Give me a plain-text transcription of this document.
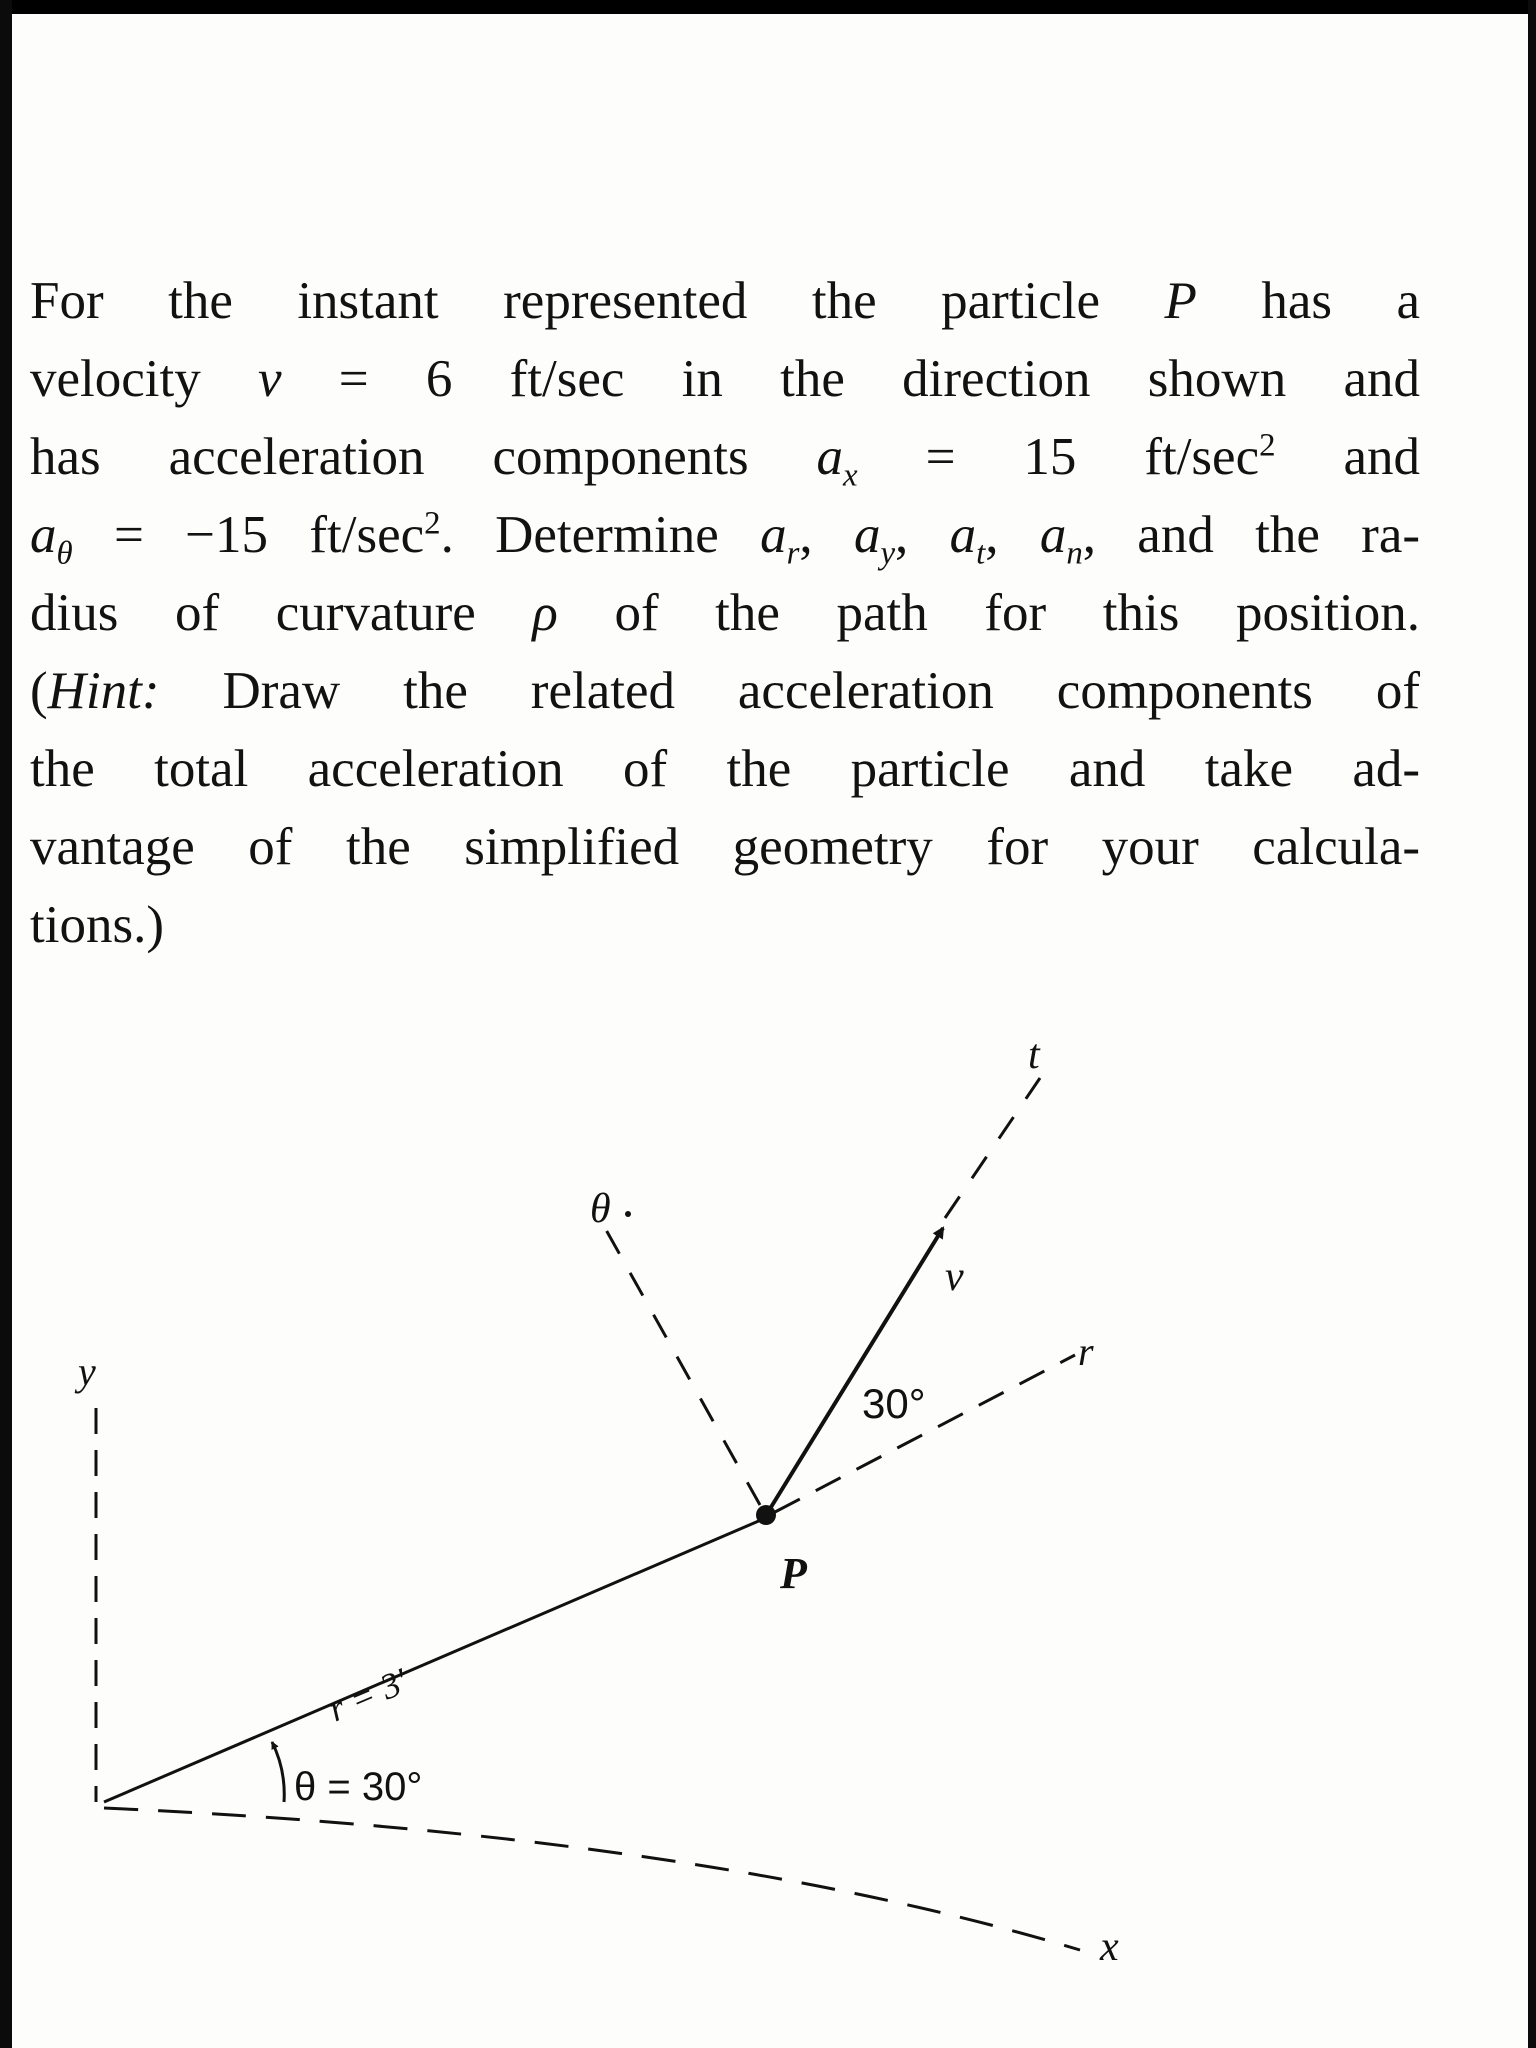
For the instant represented the particle P has a
velocity v = 6 ft/sec in the direction shown and
has acceleration components $a_x = 15$ $ft/\sec^2$ and
$a_\theta = -15$ $ft/\sec^2$. Determine $a_r$, $a_y$, $a_t$, $a_n$, and the ra-
dius of curvature ρ of the path for this position.
(Hint: Draw the related acceleration components of
the total acceleration of the particle and take ad-
vantage of the simplified geometry for your calcula-
tions.)
y
x
r
θ
t
v
30°
P
r = 3′
θ = 30°
